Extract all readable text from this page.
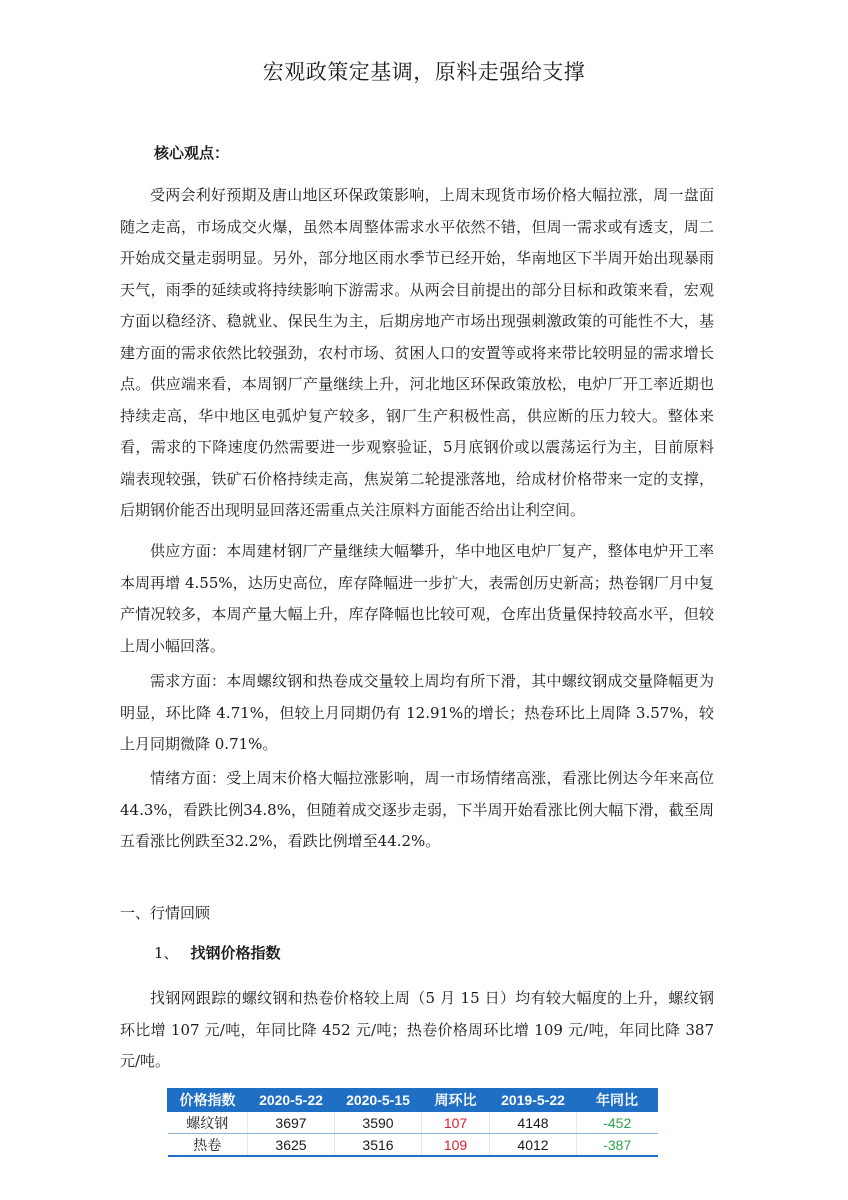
宏观政策定基调，原料走强给支撑
核心观点：

受两会利好预期及唐山地区环保政策影响，上周末现货市场价格大幅拉涨，周一盘面随之走高，市场成交火爆，虽然本周整体需求水平依然不错，但周一需求或有透支，周二开始成交量走弱明显。另外，部分地区雨水季节已经开始，华南地区下半周开始出现暴雨天气，雨季的延续或将持续影响下游需求。从两会目前提出的部分目标和政策来看，宏观方面以稳经济、稳就业、保民生为主，后期房地产市场出现强刺激政策的可能性不大，基建方面的需求依然比较强劲，农村市场、贫困人口的安置等或将来带比较明显的需求增长点。供应端来看，本周钢厂产量继续上升，河北地区环保政策放松，电炉厂开工率近期也持续走高，华中地区电弧炉复产较多，钢厂生产积极性高，供应断的压力较大。整体来看，需求的下降速度仍然需要进一步观察验证，5月底钢价或以震荡运行为主，目前原料端表现较强，铁矿石价格持续走高，焦炭第二轮提涨落地，给成材价格带来一定的支撑，后期钢价能否出现明显回落还需重点关注原料方面能否给出让利空间。

供应方面：本周建材钢厂产量继续大幅攀升，华中地区电炉厂复产，整体电炉开工率本周再增 4.55%，达历史高位，库存降幅进一步扩大，表需创历史新高；热卷钢厂月中复产情况较多，本周产量大幅上升，库存降幅也比较可观，仓库出货量保持较高水平，但较上周小幅回落。

需求方面：本周螺纹钢和热卷成交量较上周均有所下滑，其中螺纹钢成交量降幅更为明显，环比降 4.71%，但较上月同期仍有 12.91%的增长；热卷环比上周降 3.57%，较上月同期微降 0.71%。

情绪方面：受上周末价格大幅拉涨影响，周一市场情绪高涨，看涨比例达今年来高位44.3%，看跌比例34.8%，但随着成交逐步走弱，下半周开始看涨比例大幅下滑，截至周五看涨比例跌至32.2%，看跌比例增至44.2%。

一、行情回顾
1、 找钢价格指数

找钢网跟踪的螺纹钢和热卷价格较上周（5 月 15 日）均有较大幅度的上升，螺纹钢环比增 107 元/吨，年同比降 452 元/吨；热卷价格周环比增 109 元/吨，年同比降 387 元/吨。

价格指数	2020-5-22	2020-5-15	周环比	2019-5-22	年同比
螺纹钢	3697	3590	107	4148	-452
热卷	3625	3516	109	4012	-387
